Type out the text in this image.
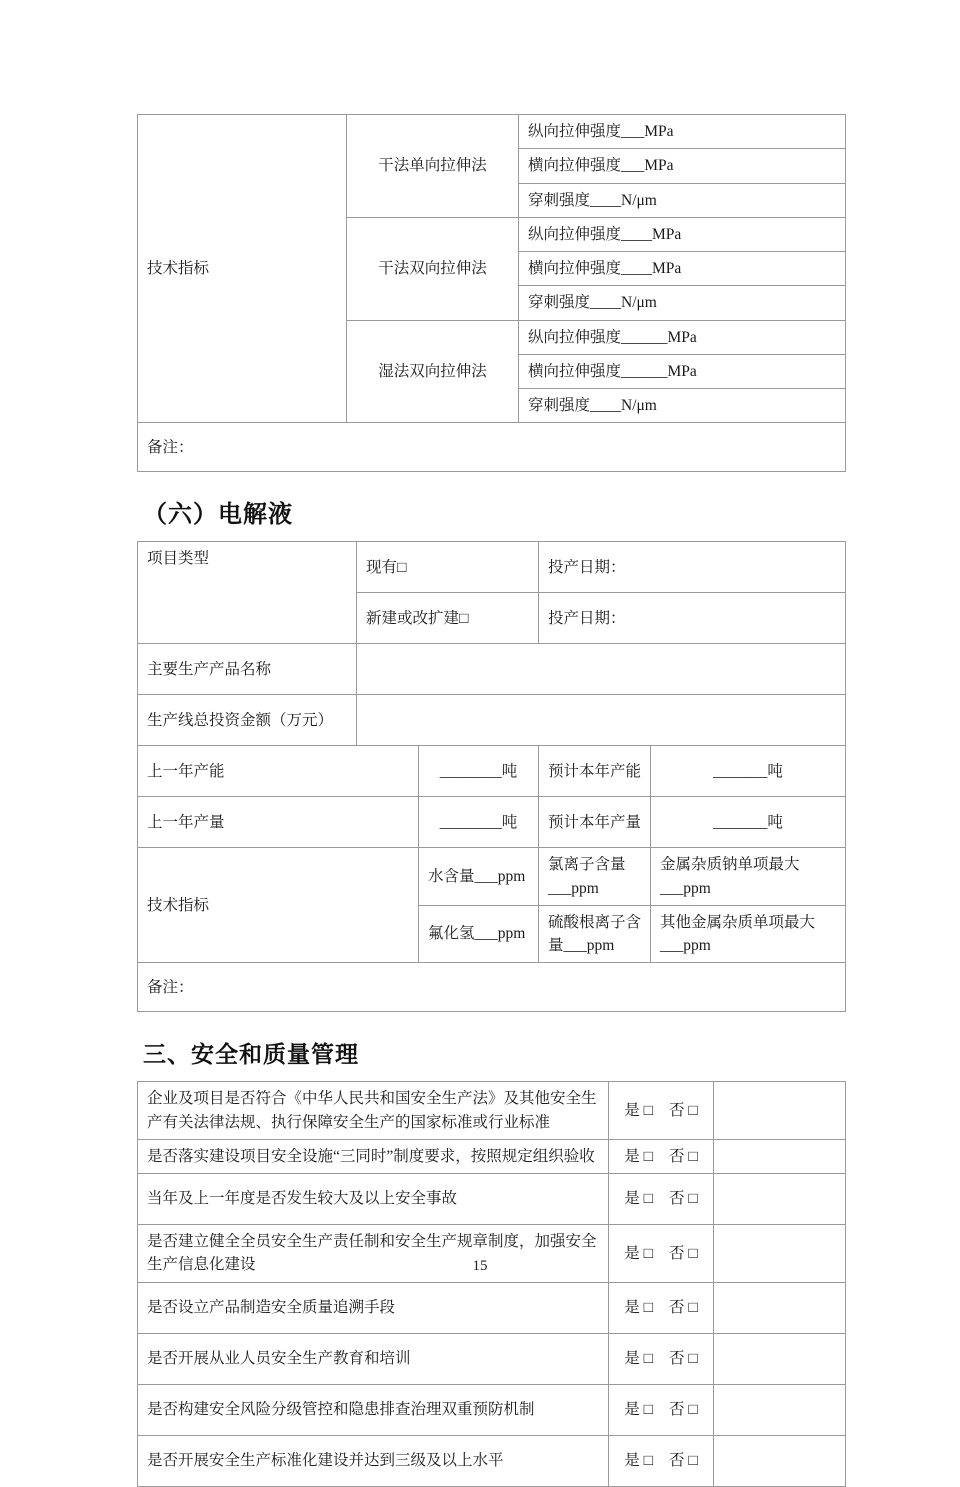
技术指标	干法单向拉伸法	纵向拉伸强度___MPa
		横向拉伸强度___MPa
		穿刺强度____N/μm
	干法双向拉伸法	纵向拉伸强度____MPa
		横向拉伸强度____MPa
		穿刺强度____N/μm
	湿法双向拉伸法	纵向拉伸强度______MPa
		横向拉伸强度______MPa
		穿刺强度____N/μm
备注：		
（六）电解液
项目类型	现有□		投产日期：	
	新建或改扩建□		投产日期：	
主要生产产品名称				
生产线总投资金额（万元）				
上一年产能		________吨	预计本年产能	_______吨
上一年产量		________吨	预计本年产量	_______吨
技术指标		水含量___ppm	氯离子含量___ppm	金属杂质钠单项最大___ppm
		氟化氢___ppm	硫酸根离子含量___ppm	其他金属杂质单项最大 ___ppm
备注：				
三、安全和质量管理
企业及项目是否符合《中华人民共和国安全生产法》及其他安全生产有关法律法规、执行保障安全生产的国家标准或行业标准	是 □ 否 □	
是否落实建设项目安全设施“三同时”制度要求，按照规定组织验收	是 □ 否 □	
当年及上一年度是否发生较大及以上安全事故	是 □ 否 □	
是否建立健全全员安全生产责任制和安全生产规章制度，加强安全生产信息化建设	是 □ 否 □	
是否设立产品制造安全质量追溯手段	是 □ 否 □	
是否开展从业人员安全生产教育和培训	是 □ 否 □	
是否构建安全风险分级管控和隐患排查治理双重预防机制	是 □ 否 □	
是否开展安全生产标准化建设并达到三级及以上水平	是 □ 否 □	
15
